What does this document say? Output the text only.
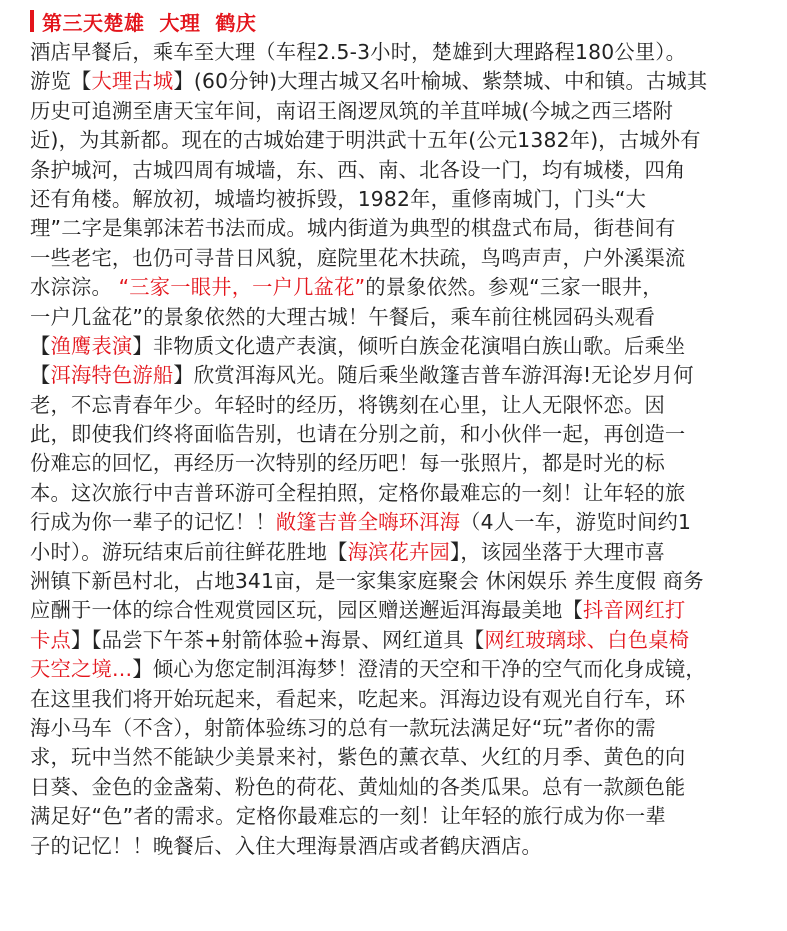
第三天楚雄  大理  鹤庆
酒店早餐后，乘车至大理（车程2.5-3小时，楚雄到大理路程180公里）。
游览【大理古城】(60分钟)大理古城又名叶榆城、紫禁城、中和镇。古城其
历史可追溯至唐天宝年间，南诏王阁逻凤筑的羊苴咩城(今城之西三塔附
近)，为其新都。现在的古城始建于明洪武十五年(公元1382年)，古城外有
条护城河，古城四周有城墙，东、西、南、北各设一门，均有城楼，四角
还有角楼。解放初，城墙均被拆毁，1982年，重修南城门，门头“大
理”二字是集郭沫若书法而成。城内街道为典型的棋盘式布局，街巷间有
一些老宅，也仍可寻昔日风貌，庭院里花木扶疏，鸟鸣声声，户外溪渠流
水淙淙。 “三家一眼井，一户几盆花”的景象依然。参观“三家一眼井，
一户几盆花”的景象依然的大理古城！午餐后，乘车前往桃园码头观看
【渔鹰表演】非物质文化遗产表演，倾听白族金花演唱白族山歌。后乘坐
【洱海特色游船】欣赏洱海风光。随后乘坐敞篷吉普车游洱海!无论岁月何
老，不忘青春年少。年轻时的经历，将镌刻在心里，让人无限怀恋。因
此，即使我们终将面临告别，也请在分别之前，和小伙伴一起，再创造一
份难忘的回忆，再经历一次特别的经历吧！每一张照片，都是时光的标
本。这次旅行中吉普环游可全程拍照，定格你最难忘的一刻！让年轻的旅
行成为你一辈子的记忆！！敞篷吉普全嗨环洱海（4人一车，游览时间约1
小时）。游玩结束后前往鲜花胜地【海滨花卉园】，该园坐落于大理市喜
洲镇下新邑村北，占地341亩，是一家集家庭聚会 休闲娱乐 养生度假 商务
应酬于一体的综合性观赏园区玩，园区赠送邂逅洱海最美地【抖音网红打
卡点】【品尝下午茶+射箭体验+海景、网红道具【网红玻璃球、白色桌椅
天空之境…】倾心为您定制洱海梦！澄清的天空和干净的空气而化身成镜，
在这里我们将开始玩起来，看起来，吃起来。洱海边设有观光自行车，环
海小马车（不含），射箭体验练习的总有一款玩法满足好“玩”者你的需
求，玩中当然不能缺少美景来衬，紫色的薰衣草、火红的月季、黄色的向
日葵、金色的金盏菊、粉色的荷花、黄灿灿的各类瓜果。总有一款颜色能
满足好“色”者的需求。定格你最难忘的一刻！让年轻的旅行成为你一辈
子的记忆！！晚餐后、入住大理海景酒店或者鹤庆酒店。
